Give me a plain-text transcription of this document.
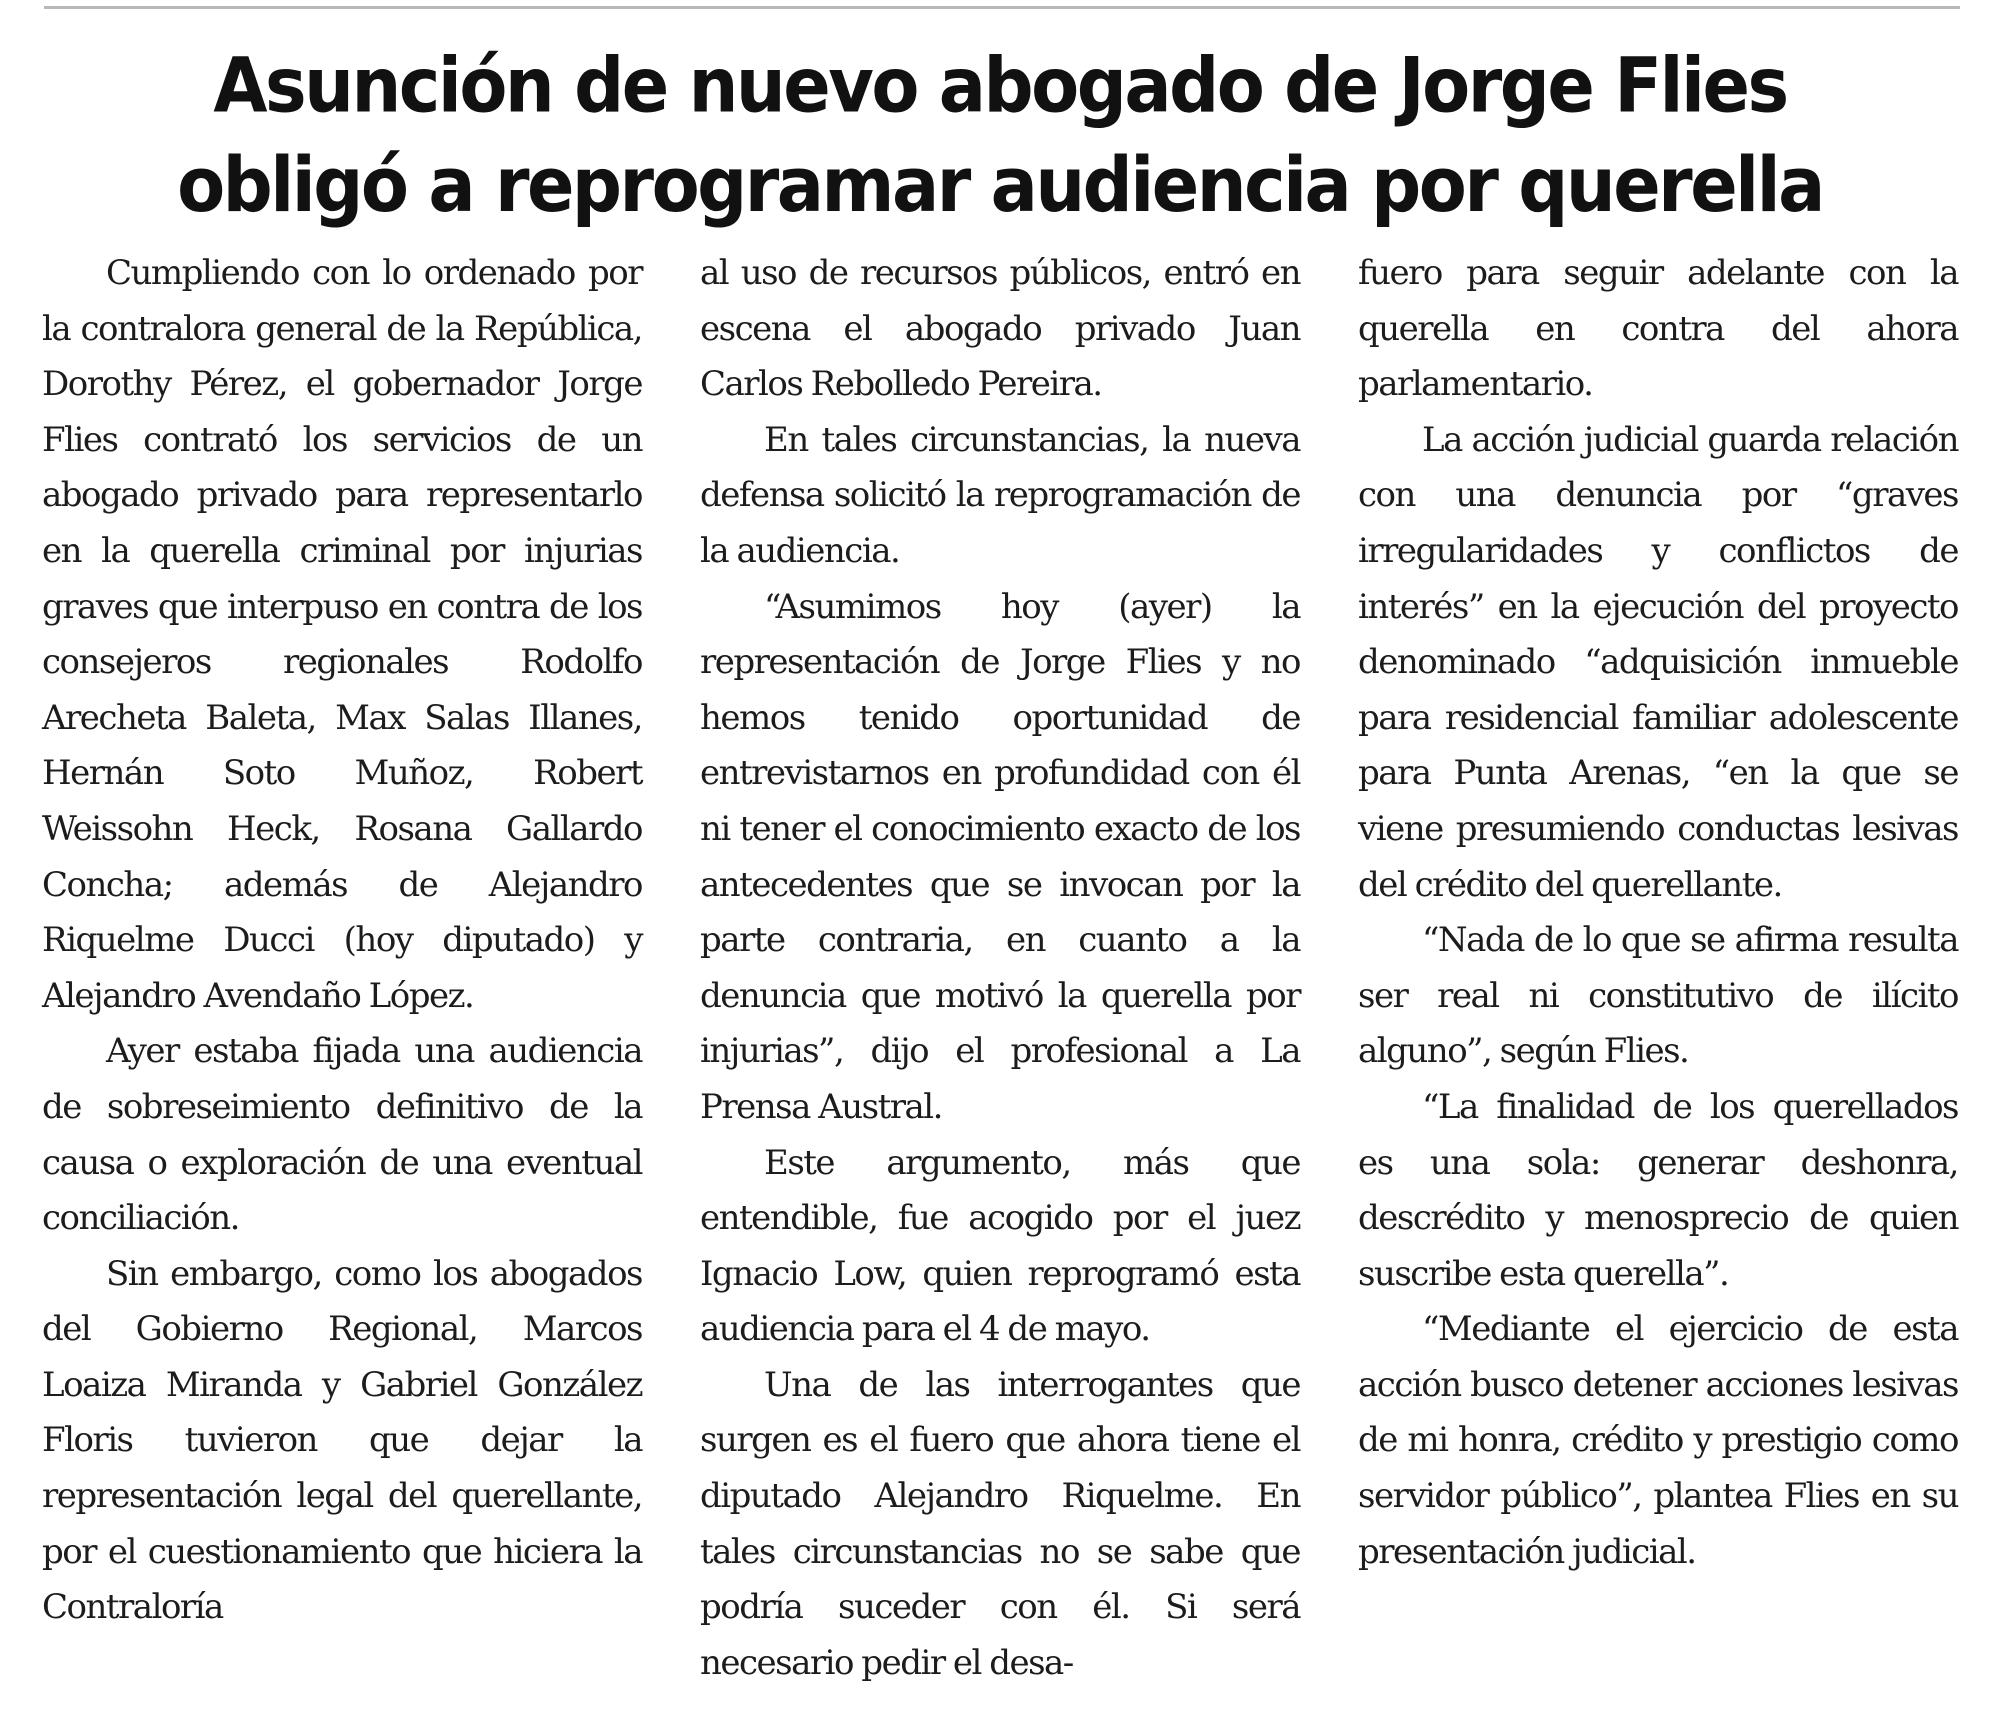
Asunción de nuevo abogado de Jorge Flies
obligó a reprogramar audiencia por querella

Cumpliendo con lo ordenado por la contralora general de la República, Dorothy Pérez, el gobernador Jorge Flies contrató los servicios de un abogado privado para representarlo en la querella criminal por injurias graves que interpuso en contra de los consejeros regionales Rodolfo Arecheta Baleta, Max Salas Illanes, Hernán Soto Muñoz, Robert Weissohn Heck, Rosana Gallardo Concha; además de Alejandro Riquelme Ducci (hoy diputado) y Alejandro Avendaño López.

Ayer estaba fijada una audiencia de sobreseimiento definitivo de la causa o exploración de una eventual conciliación.

Sin embargo, como los abogados del Gobierno Regional, Marcos Loaiza Miranda y Gabriel González Floris tuvieron que dejar la representación legal del querellante, por el cuestionamiento que hiciera la Contraloría

al uso de recursos públicos, entró en escena el abogado privado Juan Carlos Rebolledo Pereira.

En tales circunstancias, la nueva defensa solicitó la reprogramación de la audiencia.

“Asumimos hoy (ayer) la representación de Jorge Flies y no hemos tenido oportunidad de entrevistarnos en profundidad con él ni tener el conocimiento exacto de los antecedentes que se invocan por la parte contraria, en cuanto a la denuncia que motivó la querella por injurias”, dijo el profesional a La Prensa Austral.

Este argumento, más que entendible, fue acogido por el juez Ignacio Low, quien reprogramó esta audiencia para el 4 de mayo.

Una de las interrogantes que surgen es el fuero que ahora tiene el diputado Alejandro Riquelme. En tales circunstancias no se sabe que podría suceder con él. Si será necesario pedir el desa-

fuero para seguir adelante con la querella en contra del ahora parlamentario.

La acción judicial guarda relación con una denuncia por “graves irregularidades y conflictos de interés” en la ejecución del proyecto denominado “adquisición inmueble para residencial familiar adolescente para Punta Arenas, “en la que se viene presumiendo conductas lesivas del crédito del querellante.

“Nada de lo que se afirma resulta ser real ni constitutivo de ilícito alguno”, según Flies.

“La finalidad de los querellados es una sola: generar deshonra, descrédito y menosprecio de quien suscribe esta querella”.

“Mediante el ejercicio de esta acción busco detener acciones lesivas de mi honra, crédito y prestigio como servidor público”, plantea Flies en su presentación judicial.
